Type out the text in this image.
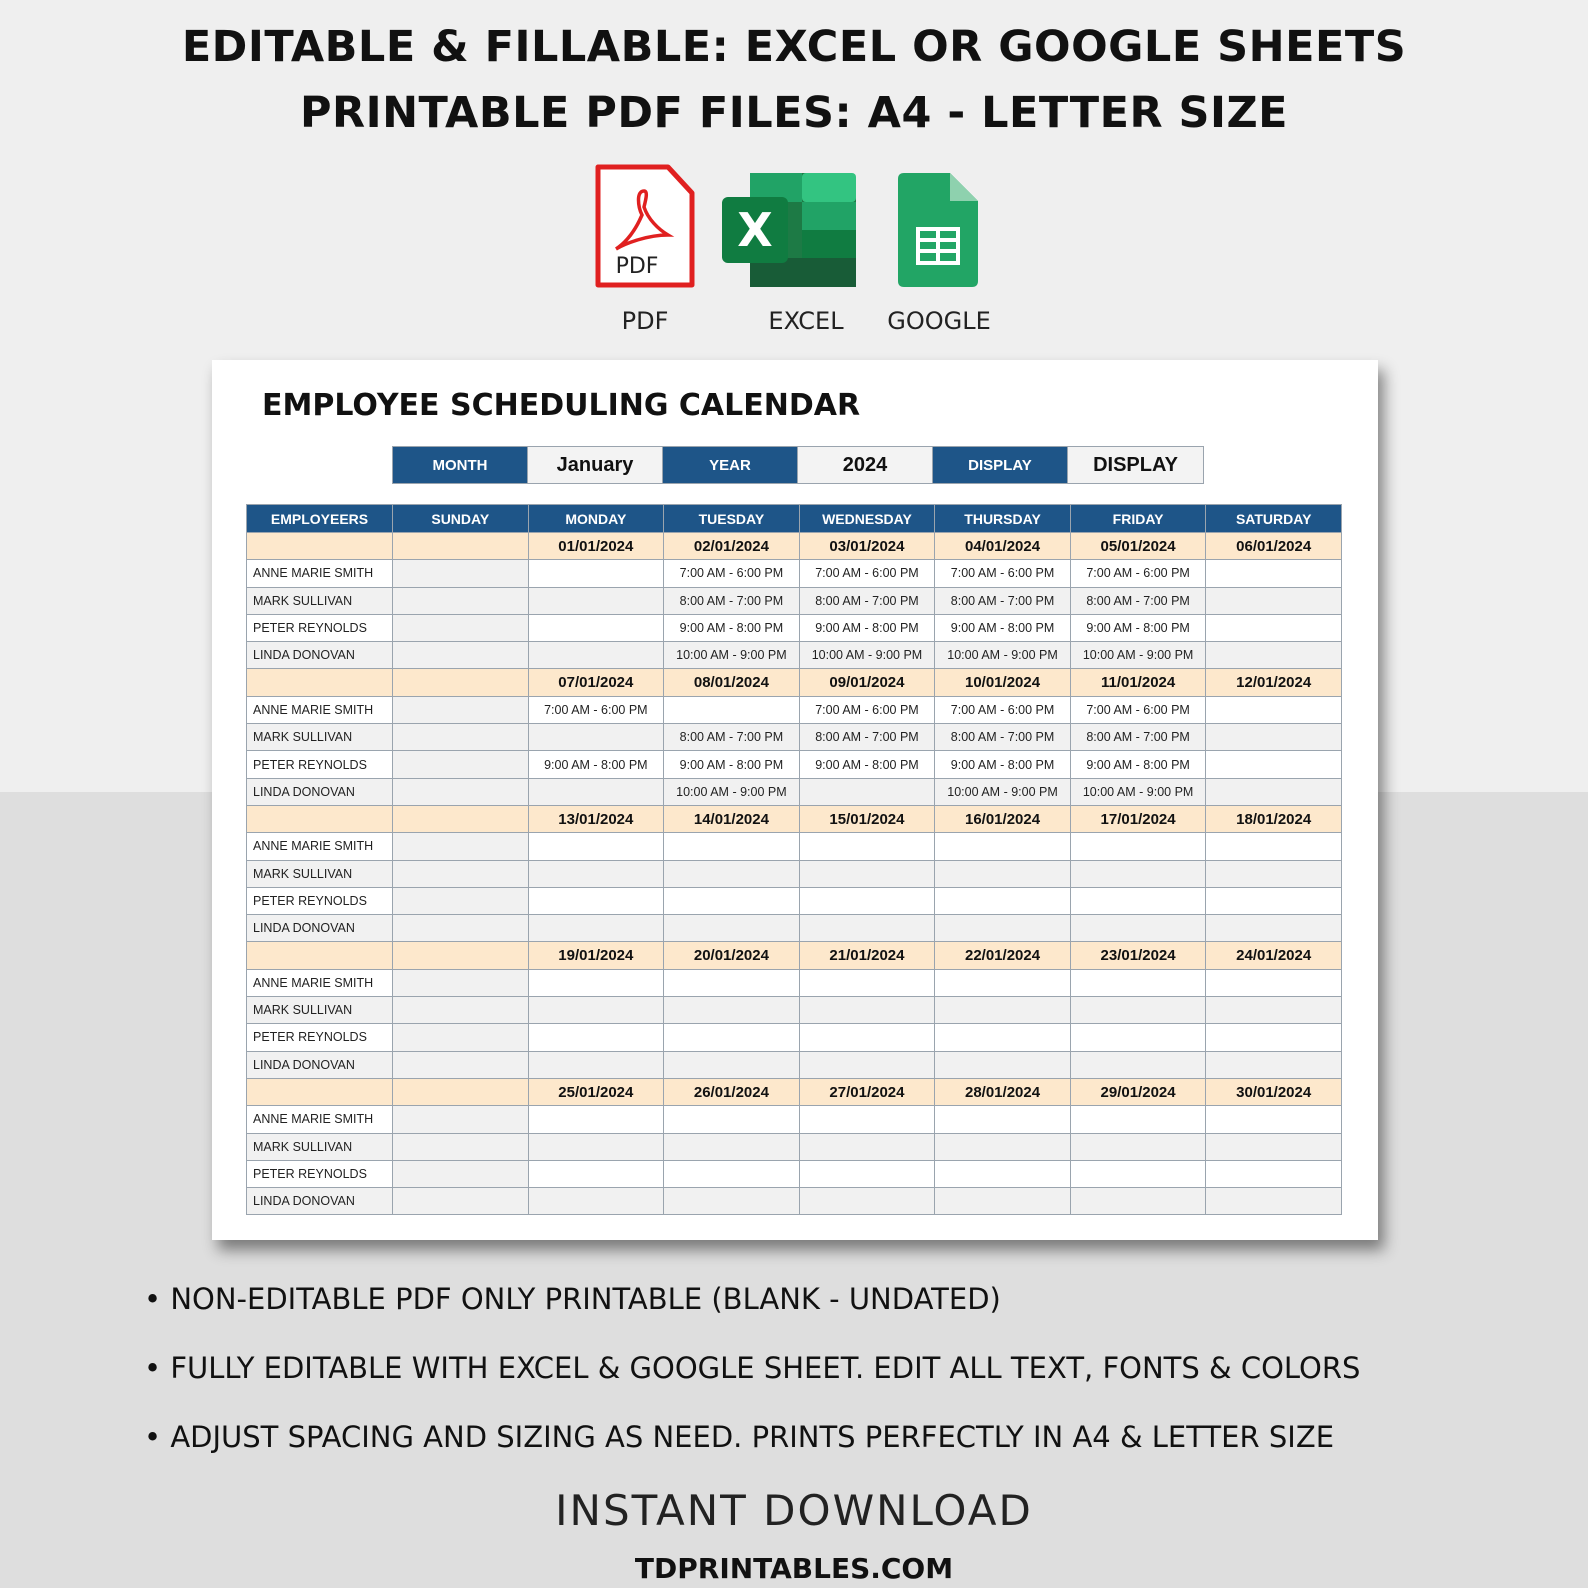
EDITABLE & FILLABLE: EXCEL OR GOOGLE SHEETS
PRINTABLE PDF FILES: A4 - LETTER SIZE
PDF
PDF
X
EXCEL	GOOGLE
EMPLOYEE SCHEDULING CALENDAR
MONTH	January	YEAR	2024	DISPLAY	DISPLAY
EMPLOYEERS	SUNDAY	MONDAY	TUESDAY	WEDNESDAY	THURSDAY	FRIDAY	SATURDAY
		01/01/2024	02/01/2024	03/01/2024	04/01/2024	05/01/2024	06/01/2024
ANNE MARIE SMITH			7:00 AM - 6:00 PM	7:00 AM - 6:00 PM	7:00 AM - 6:00 PM	7:00 AM - 6:00 PM	
MARK SULLIVAN			8:00 AM - 7:00 PM	8:00 AM - 7:00 PM	8:00 AM - 7:00 PM	8:00 AM - 7:00 PM	
PETER REYNOLDS			9:00 AM - 8:00 PM	9:00 AM - 8:00 PM	9:00 AM - 8:00 PM	9:00 AM - 8:00 PM	
LINDA DONOVAN			10:00 AM - 9:00 PM	10:00 AM - 9:00 PM	10:00 AM - 9:00 PM	10:00 AM - 9:00 PM	
		07/01/2024	08/01/2024	09/01/2024	10/01/2024	11/01/2024	12/01/2024
ANNE MARIE SMITH		7:00 AM - 6:00 PM		7:00 AM - 6:00 PM	7:00 AM - 6:00 PM	7:00 AM - 6:00 PM	
MARK SULLIVAN			8:00 AM - 7:00 PM	8:00 AM - 7:00 PM	8:00 AM - 7:00 PM	8:00 AM - 7:00 PM	
PETER REYNOLDS		9:00 AM - 8:00 PM	9:00 AM - 8:00 PM	9:00 AM - 8:00 PM	9:00 AM - 8:00 PM	9:00 AM - 8:00 PM	
LINDA DONOVAN			10:00 AM - 9:00 PM		10:00 AM - 9:00 PM	10:00 AM - 9:00 PM	
		13/01/2024	14/01/2024	15/01/2024	16/01/2024	17/01/2024	18/01/2024
ANNE MARIE SMITH							
MARK SULLIVAN							
PETER REYNOLDS							
LINDA DONOVAN							
		19/01/2024	20/01/2024	21/01/2024	22/01/2024	23/01/2024	24/01/2024
ANNE MARIE SMITH							
MARK SULLIVAN							
PETER REYNOLDS							
LINDA DONOVAN							
		25/01/2024	26/01/2024	27/01/2024	28/01/2024	29/01/2024	30/01/2024
ANNE MARIE SMITH							
MARK SULLIVAN							
PETER REYNOLDS							
LINDA DONOVAN							
• NON-EDITABLE PDF ONLY PRINTABLE (BLANK - UNDATED)
• FULLY EDITABLE WITH EXCEL & GOOGLE SHEET. EDIT ALL TEXT, FONTS & COLORS
• ADJUST SPACING AND SIZING AS NEED. PRINTS PERFECTLY IN A4 & LETTER SIZE
INSTANT DOWNLOAD
TDPRINTABLES.COM
